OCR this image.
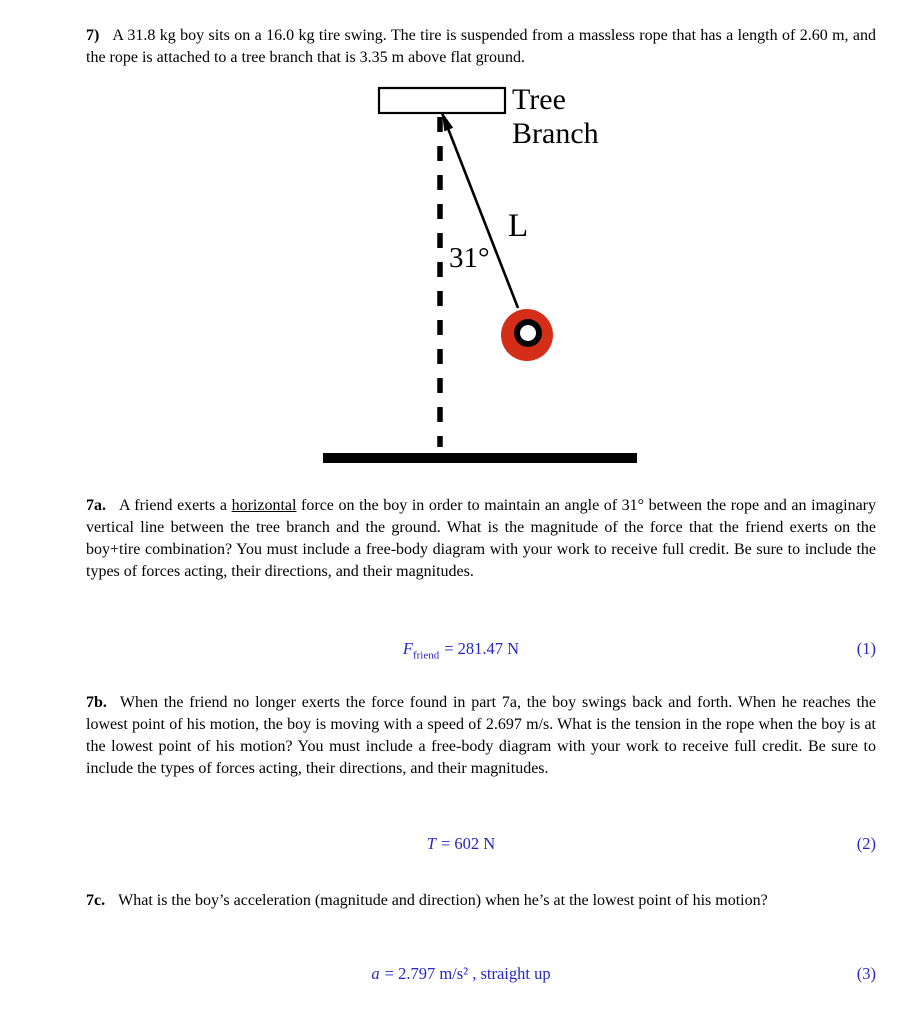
7) A 31.8 kg boy sits on a 16.0 kg tire swing. The tire is suspended from a massless rope that has a length of 2.60 m, and the rope is attached to a tree branch that is 3.35 m above flat ground.

Tree
Branch
L
31°

7a. A friend exerts a horizontal force on the boy in order to maintain an angle of 31° between the rope and an imaginary vertical line between the tree branch and the ground. What is the magnitude of the force that the friend exerts on the boy+tire combination? You must include a free-body diagram with your work to receive full credit. Be sure to include the types of forces acting, their directions, and their magnitudes.

$F_{friend} = 281.47$ N	(1)

7b. When the friend no longer exerts the force found in part 7a, the boy swings back and forth. When he reaches the lowest point of his motion, the boy is moving with a speed of 2.697 m/s. What is the tension in the rope when the boy is at the lowest point of his motion? You must include a free-body diagram with your work to receive full credit. Be sure to include the types of forces acting, their directions, and their magnitudes.

T = 602 N	(2)

7c. What is the boy’s acceleration (magnitude and direction) when he’s at the lowest point of his motion?

a = 2.797 m/s² , straight up	(3)
